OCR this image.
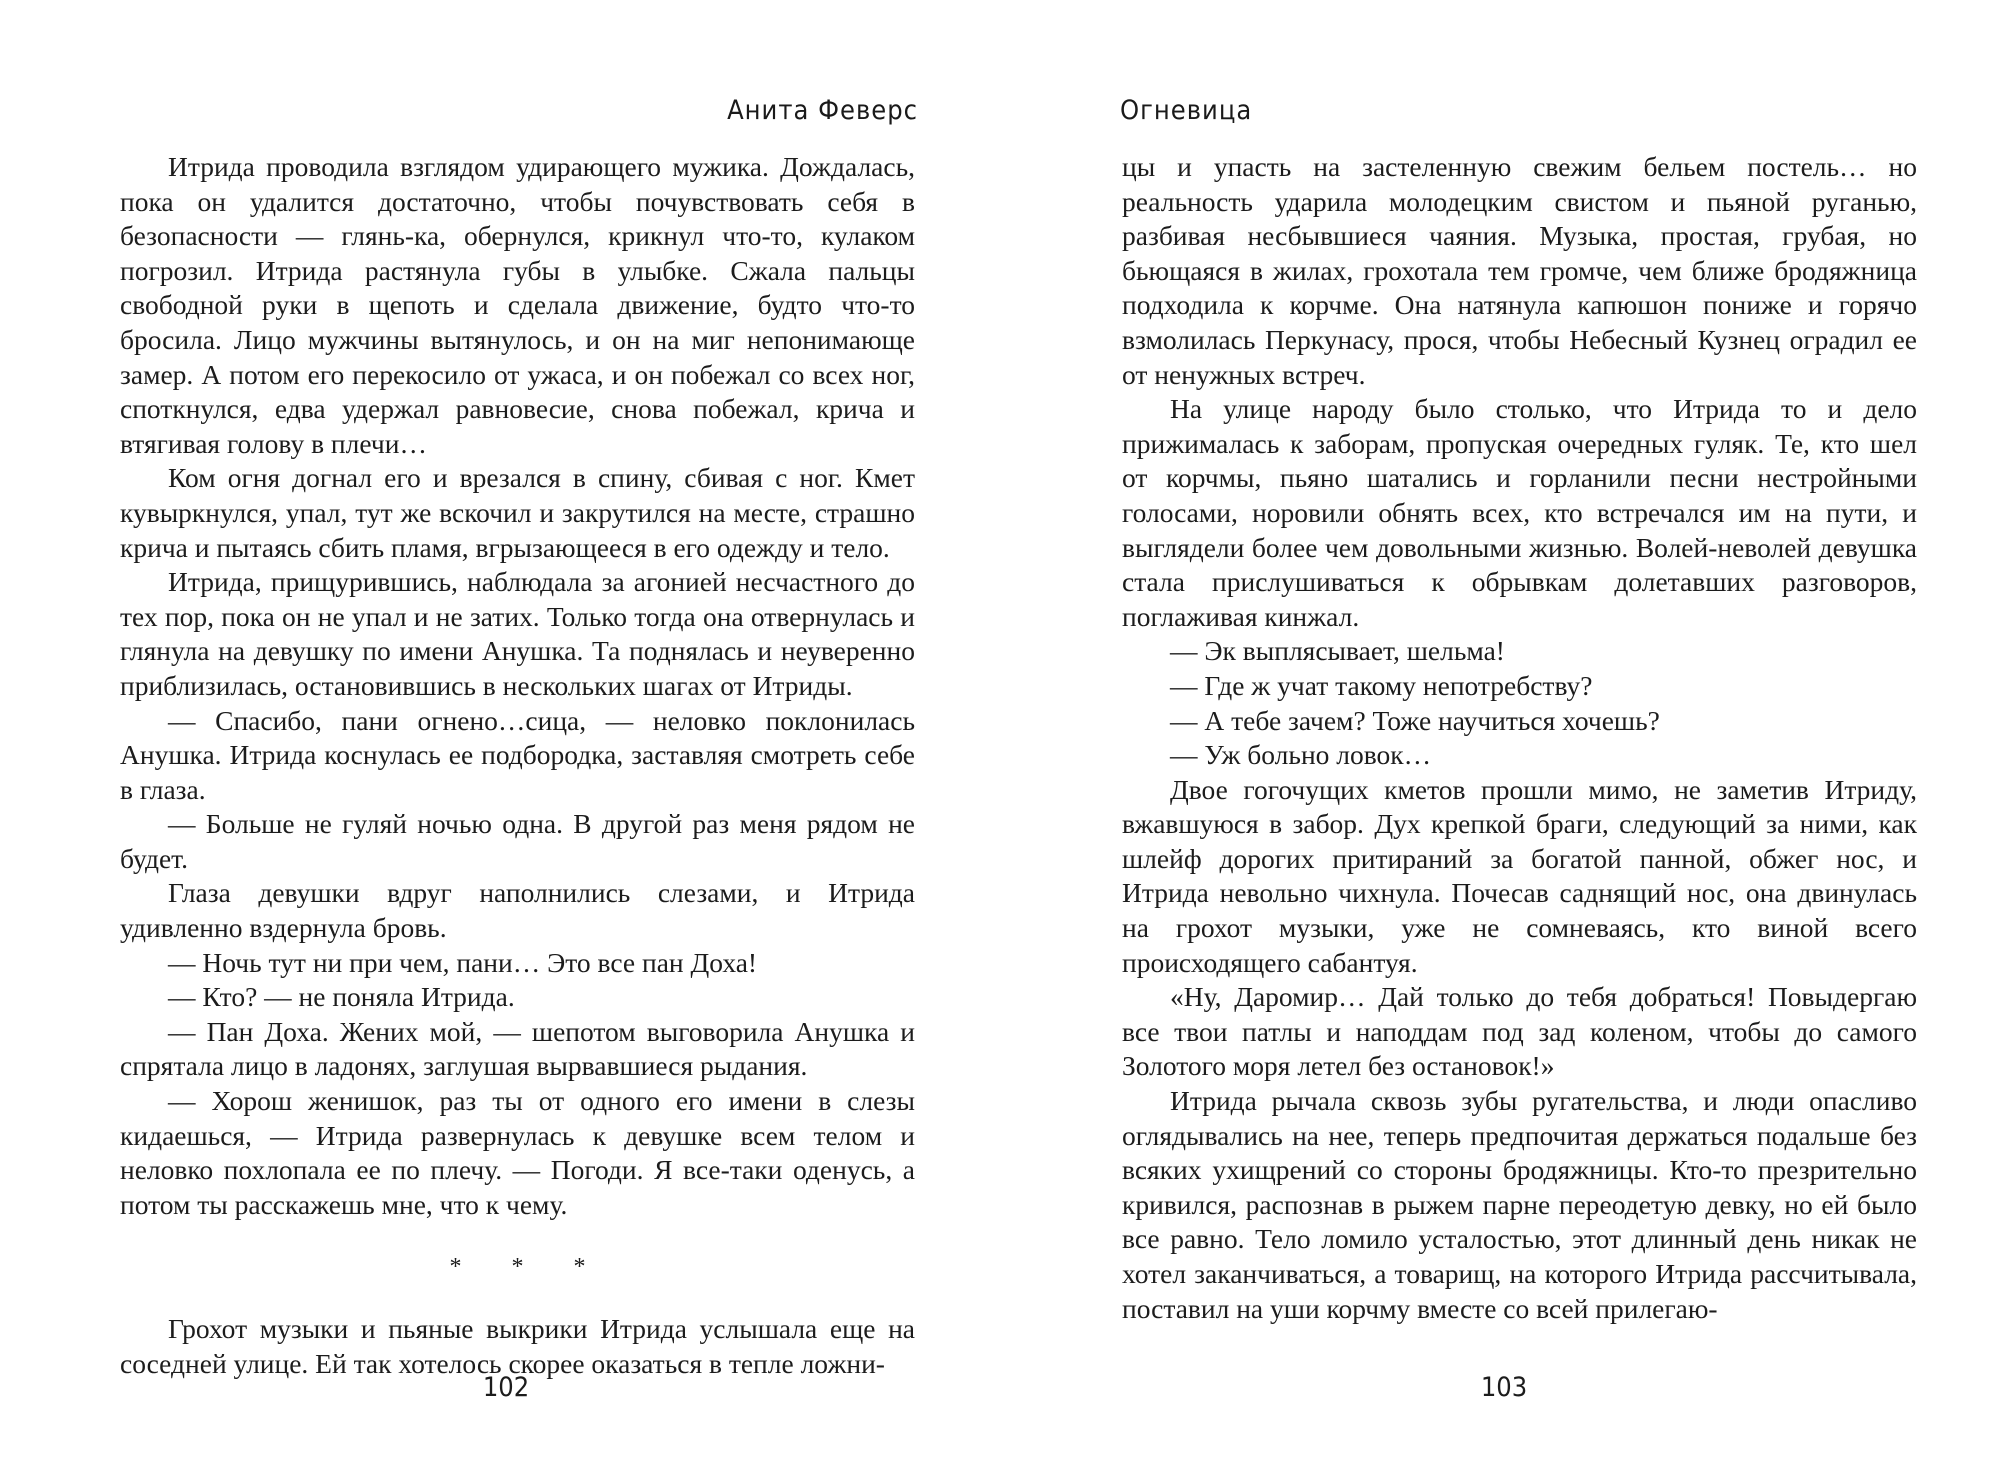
Анита Феверс

Итрида проводила взглядом удирающего мужика. Дождалась, пока он удалится достаточно, чтобы почувствовать себя в безопасности — глянь-ка, обернулся, крикнул что-то, кулаком погрозил. Итрида растянула губы в улыбке. Сжала пальцы свободной руки в щепоть и сделала движение, будто что-то бросила. Лицо мужчины вытянулось, и он на миг непонимающе замер. А потом его перекосило от ужаса, и он побежал со всех ног, споткнулся, едва удержал равновесие, снова побежал, крича и втягивая голову в плечи…

Ком огня догнал его и врезался в спину, сбивая с ног. Кмет кувыркнулся, упал, тут же вскочил и закрутился на месте, страшно крича и пытаясь сбить пламя, вгрызающееся в его одежду и тело.

Итрида, прищурившись, наблюдала за агонией несчастного до тех пор, пока он не упал и не затих. Только тогда она отвернулась и глянула на девушку по имени Анушка. Та поднялась и неуверенно приблизилась, остановившись в нескольких шагах от Итриды.

— Спасибо, пани огнено…сица, — неловко поклонилась Анушка. Итрида коснулась ее подбородка, заставляя смотреть себе в глаза.

— Больше не гуляй ночью одна. В другой раз меня рядом не будет.

Глаза девушки вдруг наполнились слезами, и Итрида удивленно вздернула бровь.

— Ночь тут ни при чем, пани… Это все пан Доха!

— Кто? — не поняла Итрида.

— Пан Доха. Жених мой, — шепотом выговорила Анушка и спрятала лицо в ладонях, заглушая вырвавшиеся рыдания.

— Хорош женишок, раз ты от одного его имени в слезы кидаешься, — Итрида развернулась к девушке всем телом и неловко похлопала ее по плечу. — Погоди. Я все-таки оденусь, а потом ты расскажешь мне, что к чему.

* * *

Грохот музыки и пьяные выкрики Итрида услышала еще на соседней улице. Ей так хотелось скорее оказаться в тепле ложни-

102
Огневица

цы и упасть на застеленную свежим бельем постель… но реальность ударила молодецким свистом и пьяной руганью, разбивая несбывшиеся чаяния. Музыка, простая, грубая, но бьющаяся в жилах, грохотала тем громче, чем ближе бродяжница подходила к корчме. Она натянула капюшон пониже и горячо взмолилась Перкунасу, прося, чтобы Небесный Кузнец оградил ее от ненужных встреч.

На улице народу было столько, что Итрида то и дело прижималась к заборам, пропуская очередных гуляк. Те, кто шел от корчмы, пьяно шатались и горланили песни нестройными голосами, норовили обнять всех, кто встречался им на пути, и выглядели более чем довольными жизнью. Волей-неволей девушка стала прислушиваться к обрывкам долетавших разговоров, поглаживая кинжал.

— Эк выплясывает, шельма!

— Где ж учат такому непотребству?

— А тебе зачем? Тоже научиться хочешь?

— Уж больно ловок…

Двое гогочущих кметов прошли мимо, не заметив Итриду, вжавшуюся в забор. Дух крепкой браги, следующий за ними, как шлейф дорогих притираний за богатой панной, обжег нос, и Итрида невольно чихнула. Почесав саднящий нос, она двинулась на грохот музыки, уже не сомневаясь, кто виной всего происходящего сабантуя.

«Ну, Даромир… Дай только до тебя добраться! Повыдергаю все твои патлы и наподдам под зад коленом, чтобы до самого Золотого моря летел без остановок!»

Итрида рычала сквозь зубы ругательства, и люди опасливо оглядывались на нее, теперь предпочитая держаться подальше без всяких ухищрений со стороны бродяжницы. Кто-то презрительно кривился, распознав в рыжем парне переодетую девку, но ей было все равно. Тело ломило усталостью, этот длинный день никак не хотел заканчиваться, а товарищ, на которого Итрида рассчитывала, поставил на уши корчму вместе со всей прилегаю-

103
